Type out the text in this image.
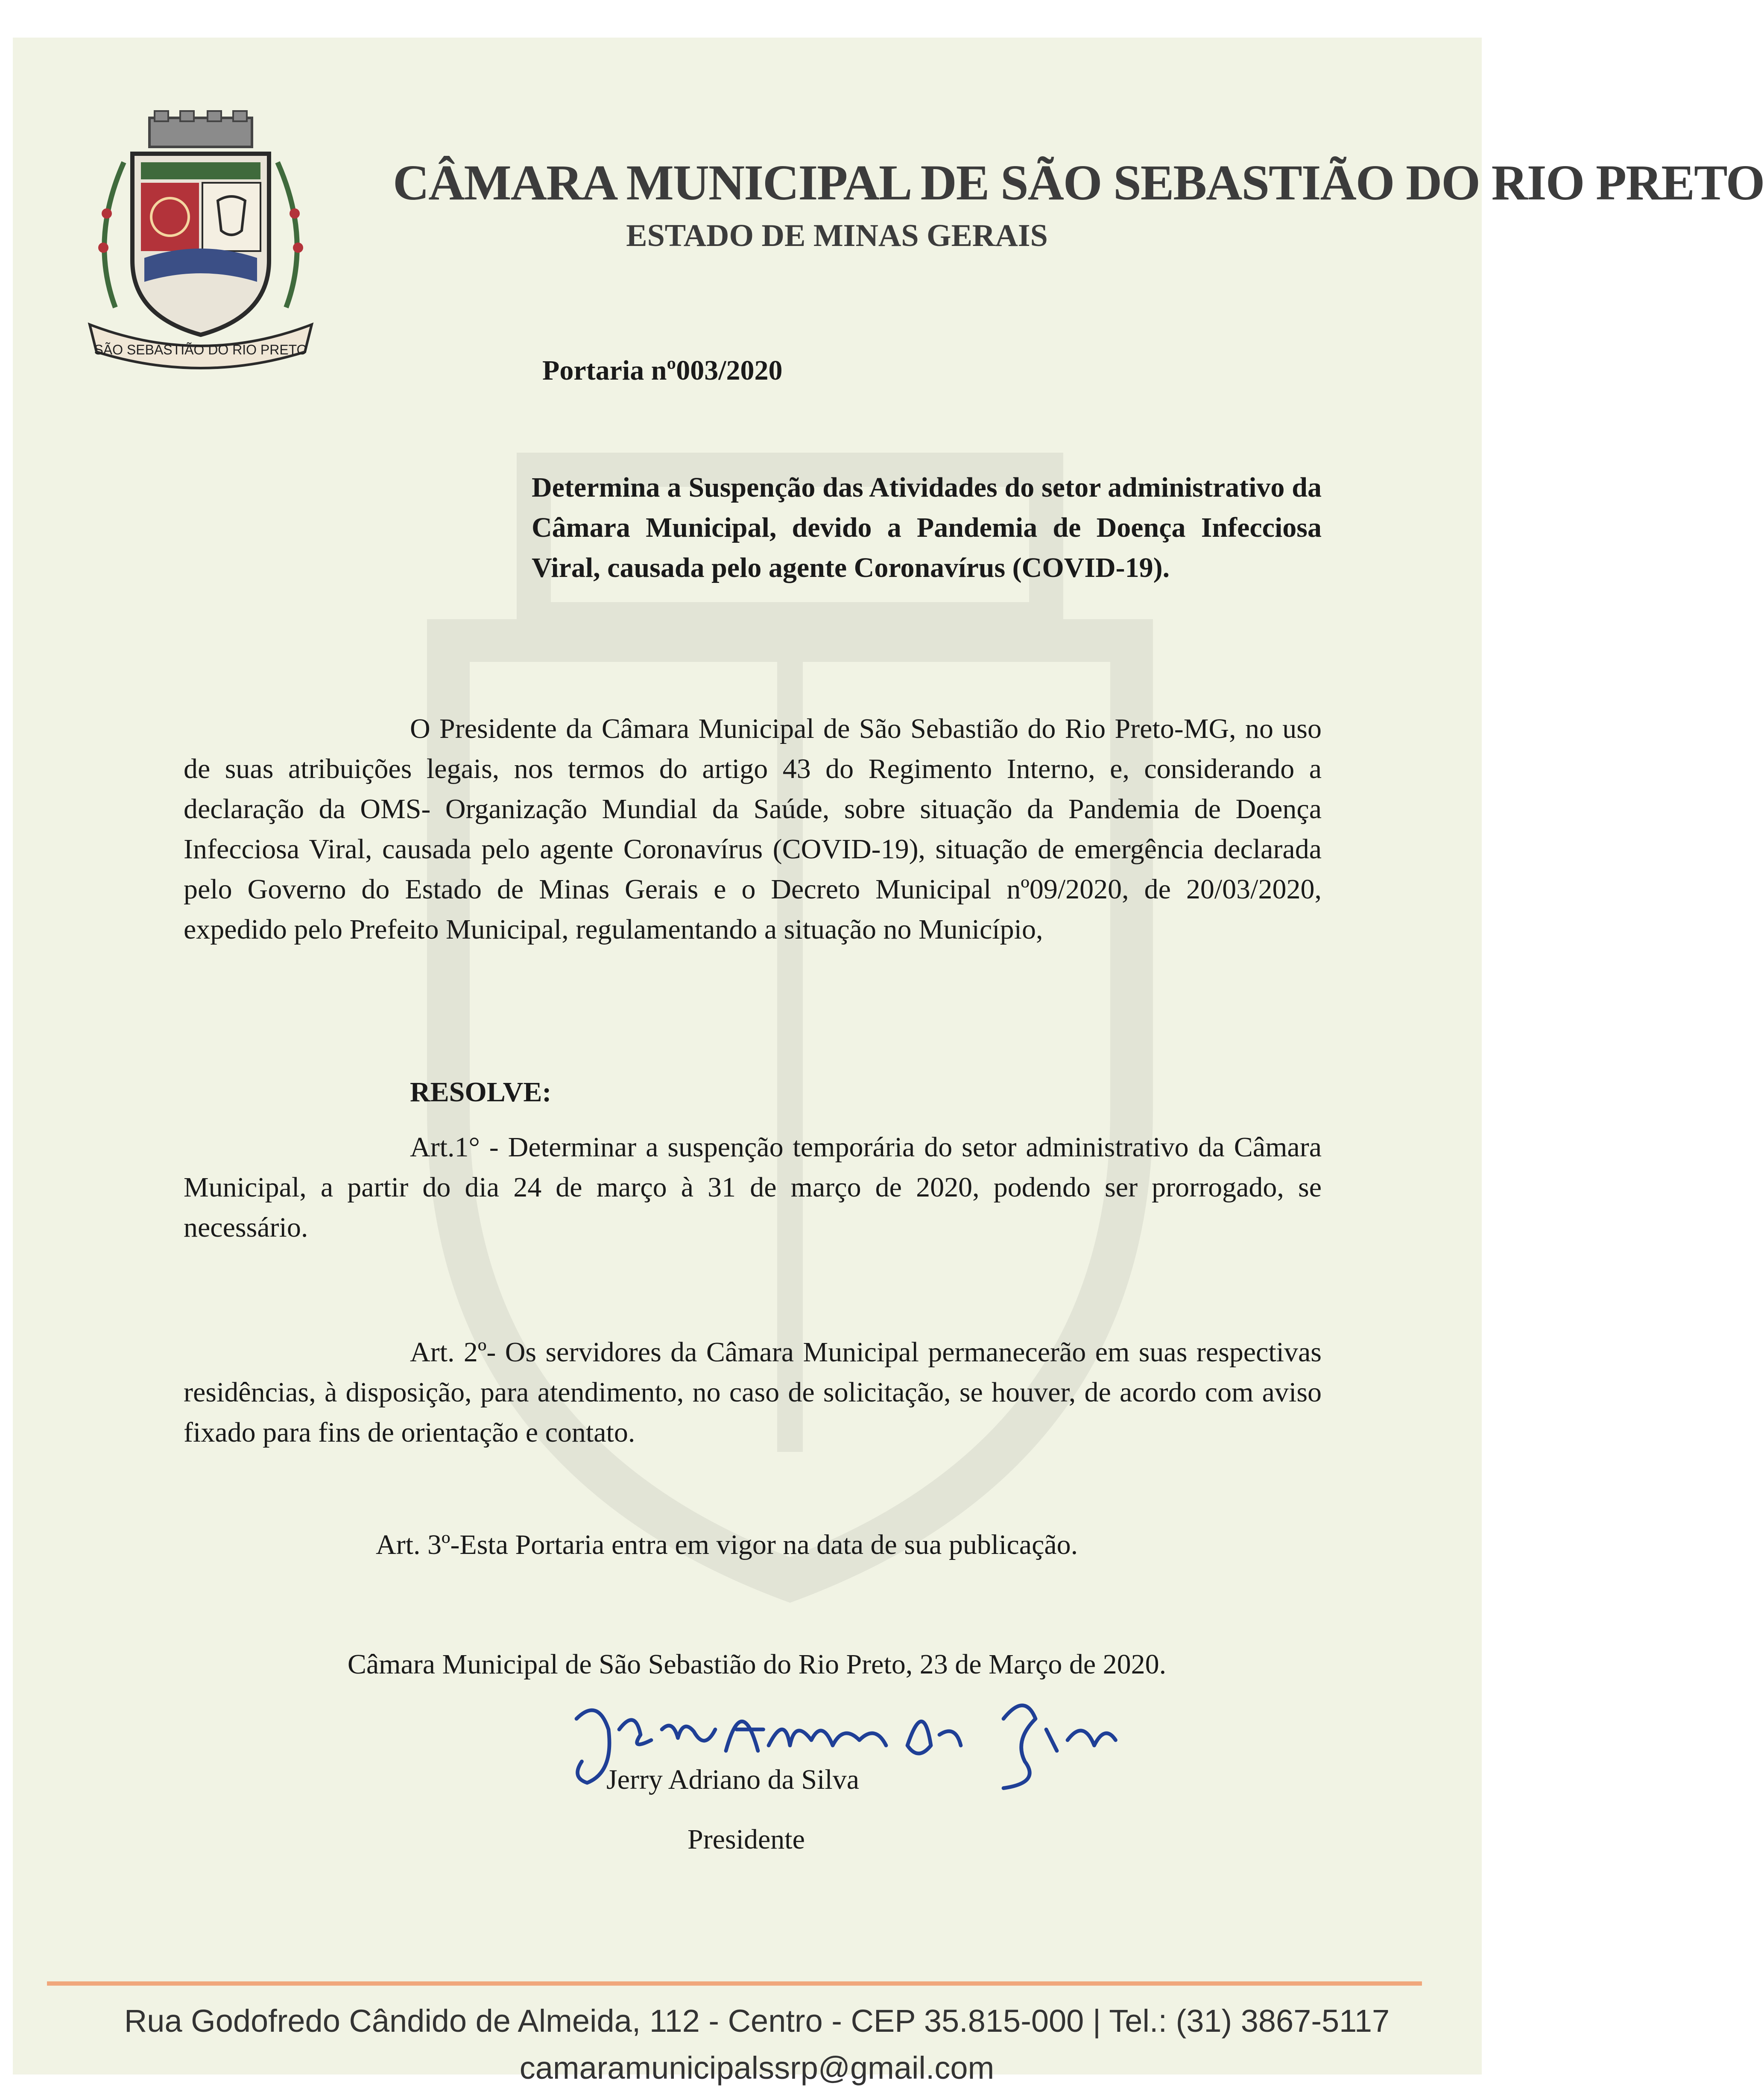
SÃO SEBASTIÃO DO RIO PRETO
CÂMARA MUNICIPAL DE SÃO SEBASTIÃO DO RIO PRETO
ESTADO DE MINAS GERAIS
Portaria nº003/2020
Determina a Suspenção das Atividades do setor administrativo da Câmara Municipal, devido a Pandemia de Doença Infecciosa Viral, causada pelo agente Coronavírus (COVID-19).
O Presidente da Câmara Municipal de São Sebastião do Rio Preto-MG, no uso de suas atribuições legais, nos termos do artigo 43 do Regimento Interno, e, considerando a declaração da OMS- Organização Mundial da Saúde, sobre situação da Pandemia de Doença Infecciosa Viral, causada pelo agente Coronavírus (COVID-19), situação de emergência declarada pelo Governo do Estado de Minas Gerais e o Decreto Municipal nº09/2020, de 20/03/2020, expedido pelo Prefeito Municipal, regulamentando a situação no Município,
RESOLVE:
Art.1° - Determinar a suspenção temporária do setor administrativo da Câmara Municipal, a partir do dia 24 de março à 31 de março de 2020, podendo ser prorrogado, se necessário.
Art. 2º- Os servidores da Câmara Municipal permanecerão em suas respectivas residências, à disposição, para atendimento, no caso de solicitação, se houver, de acordo com aviso fixado para fins de orientação e contato.
Art. 3º-Esta Portaria entra em vigor na data de sua publicação.
Câmara Municipal de São Sebastião do Rio Preto, 23 de Março de 2020.
Jerry Adriano da Silva
Presidente
Rua Godofredo Cândido de Almeida, 112 - Centro - CEP 35.815-000 | Tel.: (31) 3867-5117
camaramunicipalssrp@gmail.com
